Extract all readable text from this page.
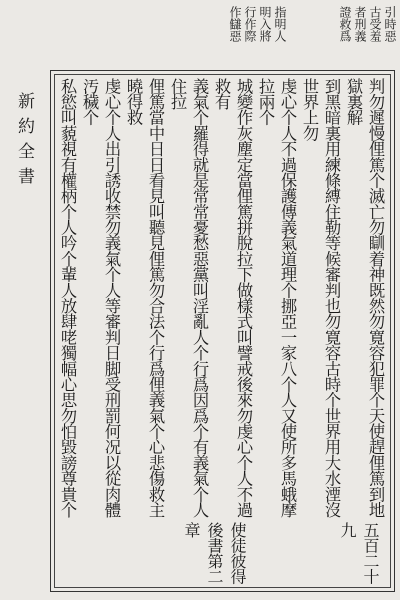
引時惡
古受羞
者刑義
證救爲
指明人
明入將
行作際
作讎惡
新約全書	判勿遲慢俚篤个滅亡勿瞓着神既然勿寛容犯罪个天使趕俚篤到地獄裏解

到黑暗裏用練條縛住勒等候審判也勿寛容古時个世界用大水湮沒世界上勿

虔心个人不過保護傳義氣道理个挪亞一家八个人又使所多馬蛾摩拉兩个

城變作灰塵定當俚篤拼脫拉下做樣式叫譬戒後來勿虔心个人不過救有

義氣个羅得就是常常憂愁惡黨叫淫亂人个行爲因爲个有義氣个人住拉

俚篤當中日日看見叫聽見俚篤勿合法个行爲俚義氣个心悲傷救主曉得救

虔心个人出引誘收禁勿義氣个人等審判日脚受刑罰何况以從肉體汚穢个

私慾叫藐視有權柄个人吟个輩人放肆咾獨幅心思勿怕毀謗尊貴个

使徒彼得後書第二章	五百二十九
